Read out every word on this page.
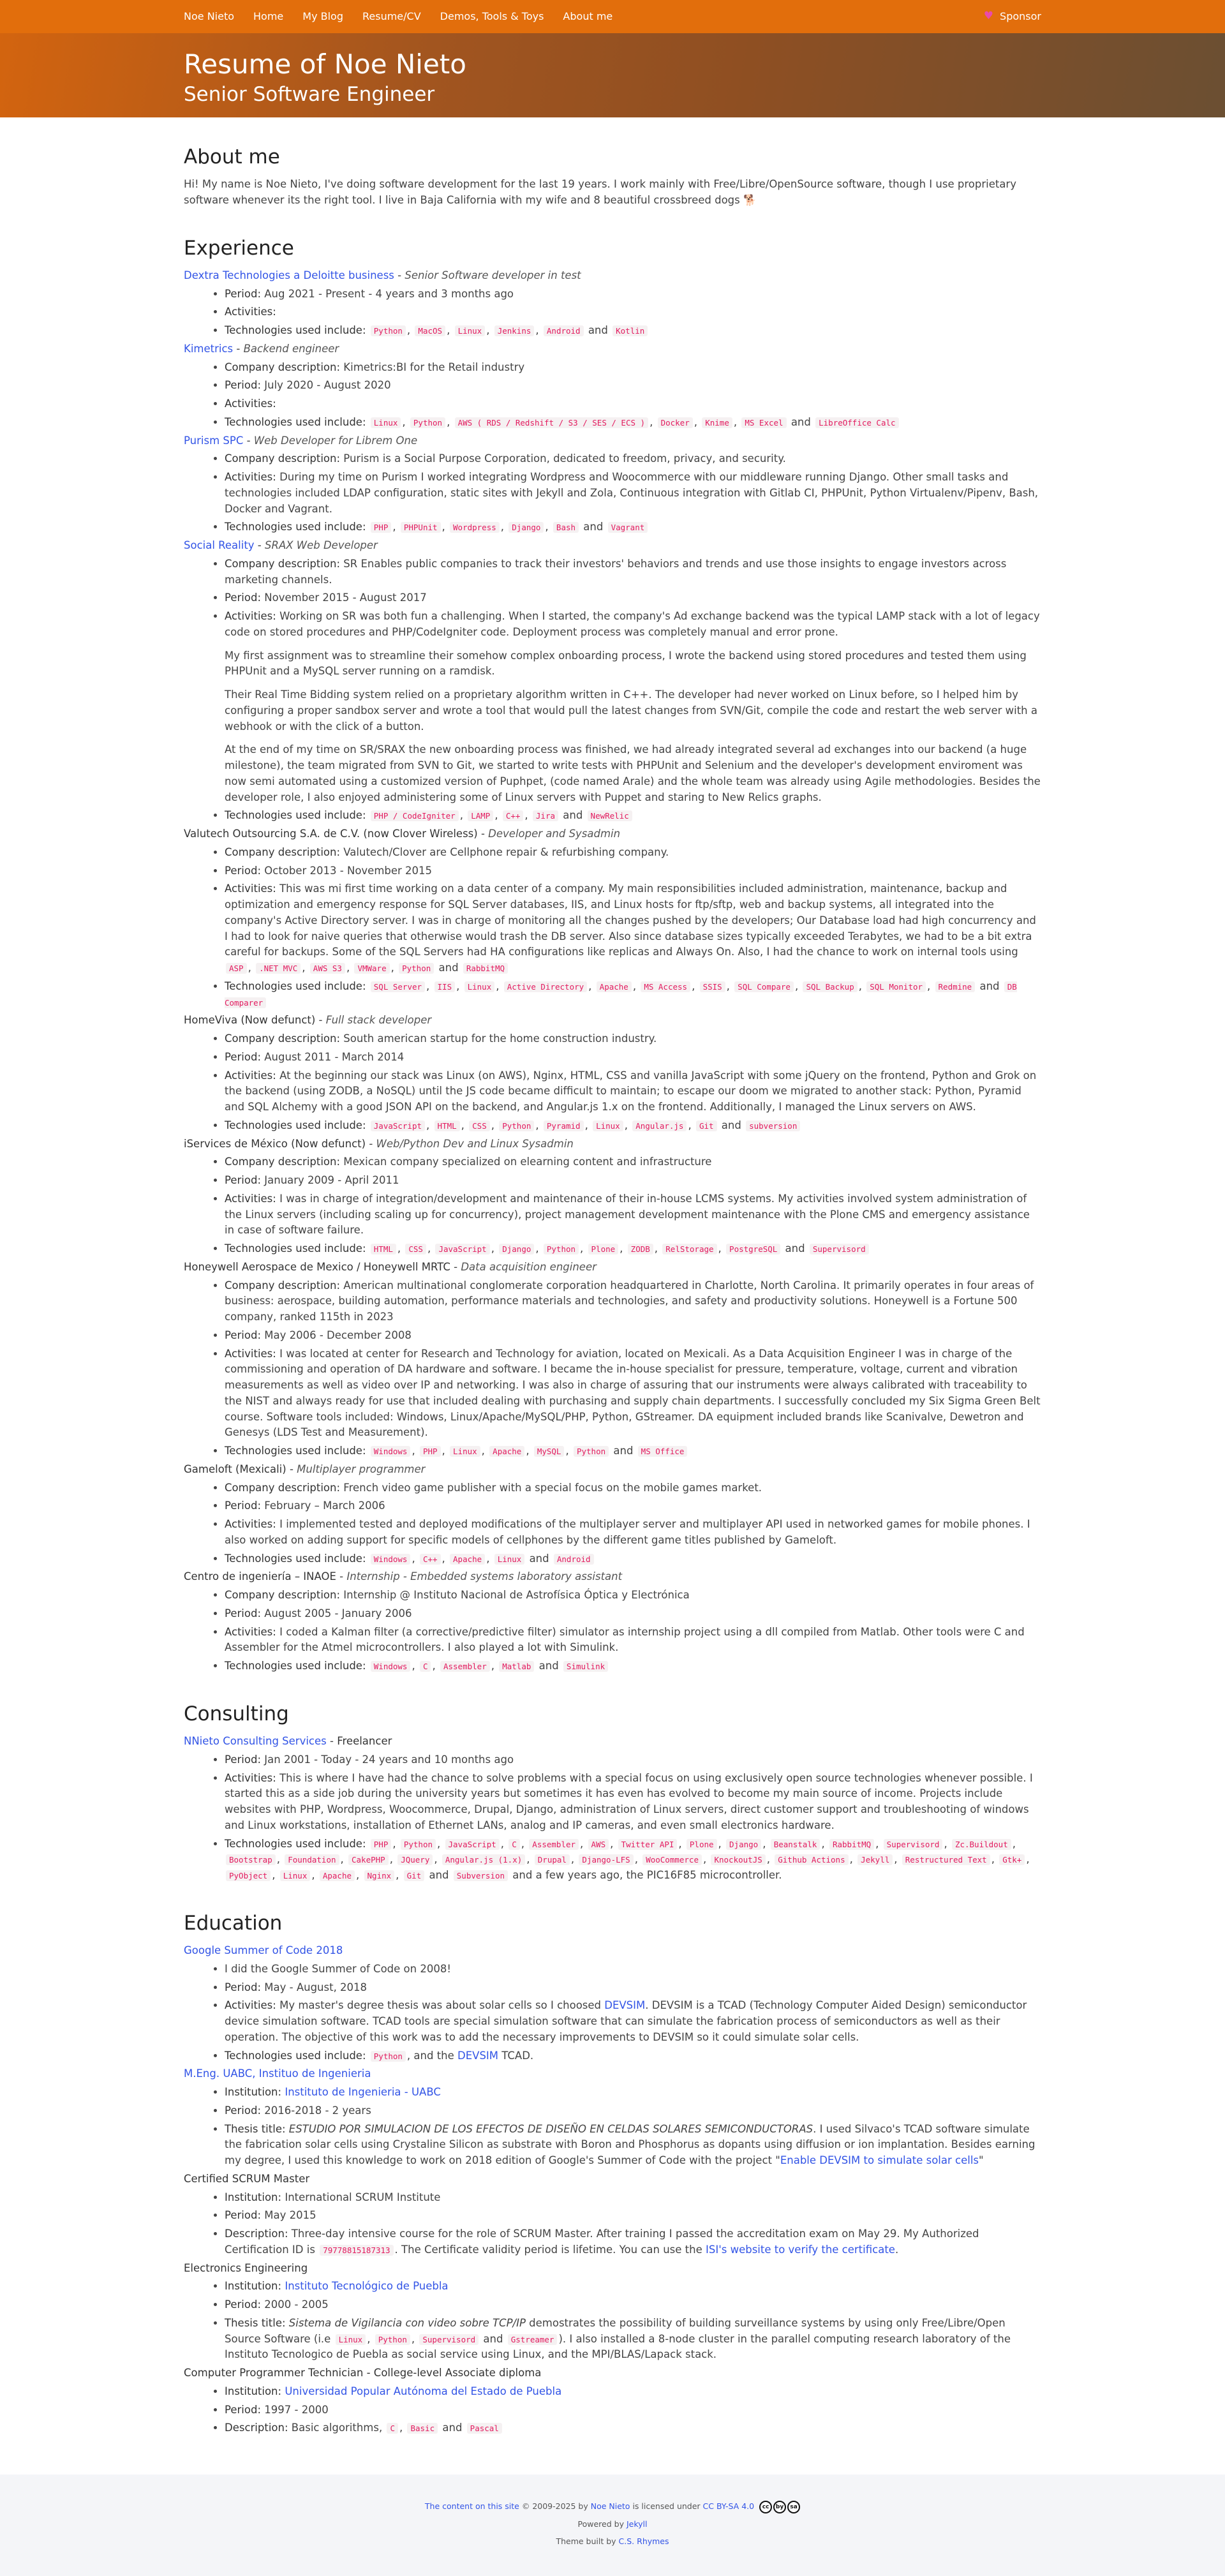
Noe Nieto Home My Blog Resume/CV Demos, Tools & Toys About me	♥ Sponsor
Resume of Noe Nieto
Senior Software Engineer
About me

Hi! My name is Noe Nieto, I've doing software development for the last 19 years. I work mainly with Free/Libre/OpenSource software, though I use proprietary software whenever its the right tool. I live in Baja California with my wife and 8 beautiful crossbreed dogs 🐕

Experience
Dextra Technologies a Deloitte business - Senior Software developer in test
• Period: Aug 2021 - Present - 4 years and 3 months ago
• Activities:
• Technologies used include: Python , MacOS , Linux , Jenkins , Android and Kotlin
Kimetrics - Backend engineer
• Company description: Kimetrics:BI for the Retail industry
• Period: July 2020 - August 2020
• Activities:
• Technologies used include: Linux , Python , AWS ( RDS / Redshift / S3 / SES / ECS ) , Docker , Knime , MS Excel and LibreOffice Calc
Purism SPC - Web Developer for Librem One
• Company description: Purism is a Social Purpose Corporation, dedicated to freedom, privacy, and security.
• Activities: During my time on Purism I worked integrating Wordpress and Woocommerce with our middleware running Django. Other small tasks and technologies included LDAP configuration, static sites with Jekyll and Zola, Continuous integration with Gitlab CI, PHPUnit, Python Virtualenv/Pipenv, Bash, Docker and Vagrant.
• Technologies used include: PHP , PHPUnit , Wordpress , Django , Bash and Vagrant
Social Reality - SRAX Web Developer
• Company description: SR Enables public companies to track their investors' behaviors and trends and use those insights to engage investors across marketing channels.
• Period: November 2015 - August 2017
• Activities: Working on SR was both fun a challenging. When I started, the company's Ad exchange backend was the typical LAMP stack with a lot of legacy code on stored procedures and PHP/CodeIgniter code. Deployment process was completely manual and error prone.

My first assignment was to streamline their somehow complex onboarding process, I wrote the backend using stored procedures and tested them using PHPUnit and a MySQL server running on a ramdisk.

Their Real Time Bidding system relied on a proprietary algorithm written in C++. The developer had never worked on Linux before, so I helped him by configuring a proper sandbox server and wrote a tool that would pull the latest changes from SVN/Git, compile the code and restart the web server with a webhook or with the click of a button.

At the end of my time on SR/SRAX the new onboarding process was finished, we had already integrated several ad exchanges into our backend (a huge milestone), the team migrated from SVN to Git, we started to write tests with PHPUnit and Selenium and the developer's development enviroment was now semi automated using a customized version of Puphpet, (code named Arale) and the whole team was already using Agile methodologies. Besides the developer role, I also enjoyed administering some of Linux servers with Puppet and staring to New Relics graphs.

• Technologies used include: PHP / CodeIgniter , LAMP , C++ , Jira and NewRelic
Valutech Outsourcing S.A. de C.V. (now Clover Wireless) - Developer and Sysadmin
• Company description: Valutech/Clover are Cellphone repair & refurbishing company.
• Period: October 2013 - November 2015
• Activities: This was mi first time working on a data center of a company. My main responsibilities included administration, maintenance, backup and optimization and emergency response for SQL Server databases, IIS, and Linux hosts for ftp/sftp, web and backup systems, all integrated into the company's Active Directory server. I was in charge of monitoring all the changes pushed by the developers; Our Database load had high concurrency and I had to look for naive queries that otherwise would trash the DB server. Also since database sizes typically exceeded Terabytes, we had to be a bit extra careful for backups. Some of the SQL Servers had HA configurations like replicas and Always On. Also, I had the chance to work on internal tools using ASP , .NET MVC , AWS S3 , VMWare , Python and RabbitMQ
• Technologies used include: SQL Server , IIS , Linux , Active Directory , Apache , MS Access , SSIS , SQL Compare , SQL Backup , SQL Monitor , Redmine and DB Comparer
HomeViva (Now defunct) - Full stack developer
• Company description: South american startup for the home construction industry.
• Period: August 2011 - March 2014
• Activities: At the beginning our stack was Linux (on AWS), Nginx, HTML, CSS and vanilla JavaScript with some jQuery on the frontend, Python and Grok on the backend (using ZODB, a NoSQL) until the JS code became difficult to maintain; to escape our doom we migrated to another stack: Python, Pyramid and SQL Alchemy with a good JSON API on the backend, and Angular.js 1.x on the frontend. Additionally, I managed the Linux servers on AWS.
• Technologies used include: JavaScript , HTML , CSS , Python , Pyramid , Linux , Angular.js , Git and subversion
iServices de México (Now defunct) - Web/Python Dev and Linux Sysadmin
• Company description: Mexican company specialized on elearning content and infrastructure
• Period: January 2009 - April 2011
• Activities: I was in charge of integration/development and maintenance of their in-house LCMS systems. My activities involved system administration of the Linux servers (including scaling up for concurrency), project management development maintenance with the Plone CMS and emergency assistance in case of software failure.
• Technologies used include: HTML , CSS , JavaScript , Django , Python , Plone , ZODB , RelStorage , PostgreSQL and Supervisord
Honeywell Aerospace de Mexico / Honeywell MRTC - Data acquisition engineer
• Company description: American multinational conglomerate corporation headquartered in Charlotte, North Carolina. It primarily operates in four areas of business: aerospace, building automation, performance materials and technologies, and safety and productivity solutions. Honeywell is a Fortune 500 company, ranked 115th in 2023
• Period: May 2006 - December 2008
• Activities: I was located at center for Research and Technology for aviation, located on Mexicali. As a Data Acquisition Engineer I was in charge of the commissioning and operation of DA hardware and software. I became the in-house specialist for pressure, temperature, voltage, current and vibration measurements as well as video over IP and networking. I was also in charge of assuring that our instruments were always calibrated with traceability to the NIST and always ready for use that included dealing with purchasing and supply chain departments. I successfully concluded my Six Sigma Green Belt course. Software tools included: Windows, Linux/Apache/MySQL/PHP, Python, GStreamer. DA equipment included brands like Scanivalve, Dewetron and Genesys (LDS Test and Measurement).
• Technologies used include: Windows , PHP , Linux , Apache , MySQL , Python and MS Office
Gameloft (Mexicali) - Multiplayer programmer
• Company description: French video game publisher with a special focus on the mobile games market.
• Period: February – March 2006
• Activities: I implemented tested and deployed modifications of the multiplayer server and multiplayer API used in networked games for mobile phones. I also worked on adding support for specific models of cellphones by the different game titles published by Gameloft.
• Technologies used include: Windows , C++ , Apache , Linux and Android
Centro de ingeniería – INAOE - Internship - Embedded systems laboratory assistant
• Company description: Internship @ Instituto Nacional de Astrofísica Óptica y Electrónica
• Period: August 2005 - January 2006
• Activities: I coded a Kalman filter (a corrective/predictive filter) simulator as internship project using a dll compiled from Matlab. Other tools were C and Assembler for the Atmel microcontrollers. I also played a lot with Simulink.
• Technologies used include: Windows , C , Assembler , Matlab and Simulink
Consulting
NNieto Consulting Services - Freelancer
• Period: Jan 2001 - Today - 24 years and 10 months ago
• Activities: This is where I have had the chance to solve problems with a special focus on using exclusively open source technologies whenever possible. I started this as a side job during the university years but sometimes it has even has evolved to become my main source of income. Projects include websites with PHP, Wordpress, Woocommerce, Drupal, Django, administration of Linux servers, direct customer support and troubleshooting of windows and Linux workstations, installation of Ethernet LANs, analog and IP cameras, and even small electronics hardware.
• Technologies used include: PHP , Python , JavaScript , C , Assembler , AWS , Twitter API , Plone , Django , Beanstalk , RabbitMQ , Supervisord , Zc.Buildout , Bootstrap , Foundation , CakePHP , JQuery , Angular.js (1.x) , Drupal , Django-LFS , WooCommerce , KnockoutJS , Github Actions , Jekyll , Restructured Text , Gtk+ , PyObject , Linux , Apache , Nginx , Git and Subversion and a few years ago, the PIC16F85 microcontroller.
Education
Google Summer of Code 2018
• I did the Google Summer of Code on 2008!
• Period: May - August, 2018
• Activities: My master's degree thesis was about solar cells so I choosed DEVSIM. DEVSIM is a TCAD (Technology Computer Aided Design) semiconductor device simulation software. TCAD tools are special simulation software that can simulate the fabrication process of semiconductors as well as their operation. The objective of this work was to add the necessary improvements to DEVSIM so it could simulate solar cells.
• Technologies used include: Python , and the DEVSIM TCAD.
M.Eng. UABC, Instituo de Ingenieria
• Institution: Instituto de Ingenieria - UABC
• Period: 2016-2018 - 2 years
• Thesis title: ESTUDIO POR SIMULACION DE LOS EFECTOS DE DISEÑO EN CELDAS SOLARES SEMICONDUCTORAS. I used Silvaco's TCAD software simulate the fabrication solar cells using Crystaline Silicon as substrate with Boron and Phosphorus as dopants using diffusion or ion implantation. Besides earning my degree, I used this knowledge to work on 2018 edition of Google's Summer of Code with the project "Enable DEVSIM to simulate solar cells"
Certified SCRUM Master
• Institution: International SCRUM Institute
• Period: May 2015
• Description: Three-day intensive course for the role of SCRUM Master. After training I passed the accreditation exam on May 29. My Authorized Certification ID is 79778815187313 . The Certificate validity period is lifetime. You can use the ISI's website to verify the certificate.
Electronics Engineering
• Institution: Instituto Tecnológico de Puebla
• Period: 2000 - 2005
• Thesis title: Sistema de Vigilancia con video sobre TCP/IP demostrates the possibility of building surveillance systems by using only Free/Libre/Open Source Software (i.e Linux , Python , Supervisord and Gstreamer ). I also installed a 8-node cluster in the parallel computing research laboratory of the Instituto Tecnologico de Puebla as social service using Linux, and the MPI/BLAS/Lapack stack.
Computer Programmer Technician - College-level Associate diploma
• Institution: Universidad Popular Autónoma del Estado de Puebla
• Period: 1997 - 2000
• Description: Basic algorithms, C , Basic and Pascal
The content on this site © 2009-2025 by Noe Nieto is licensed under CC BY-SA 4.0	cc	by	sa
Powered by Jekyll
Theme built by C.S. Rhymes
